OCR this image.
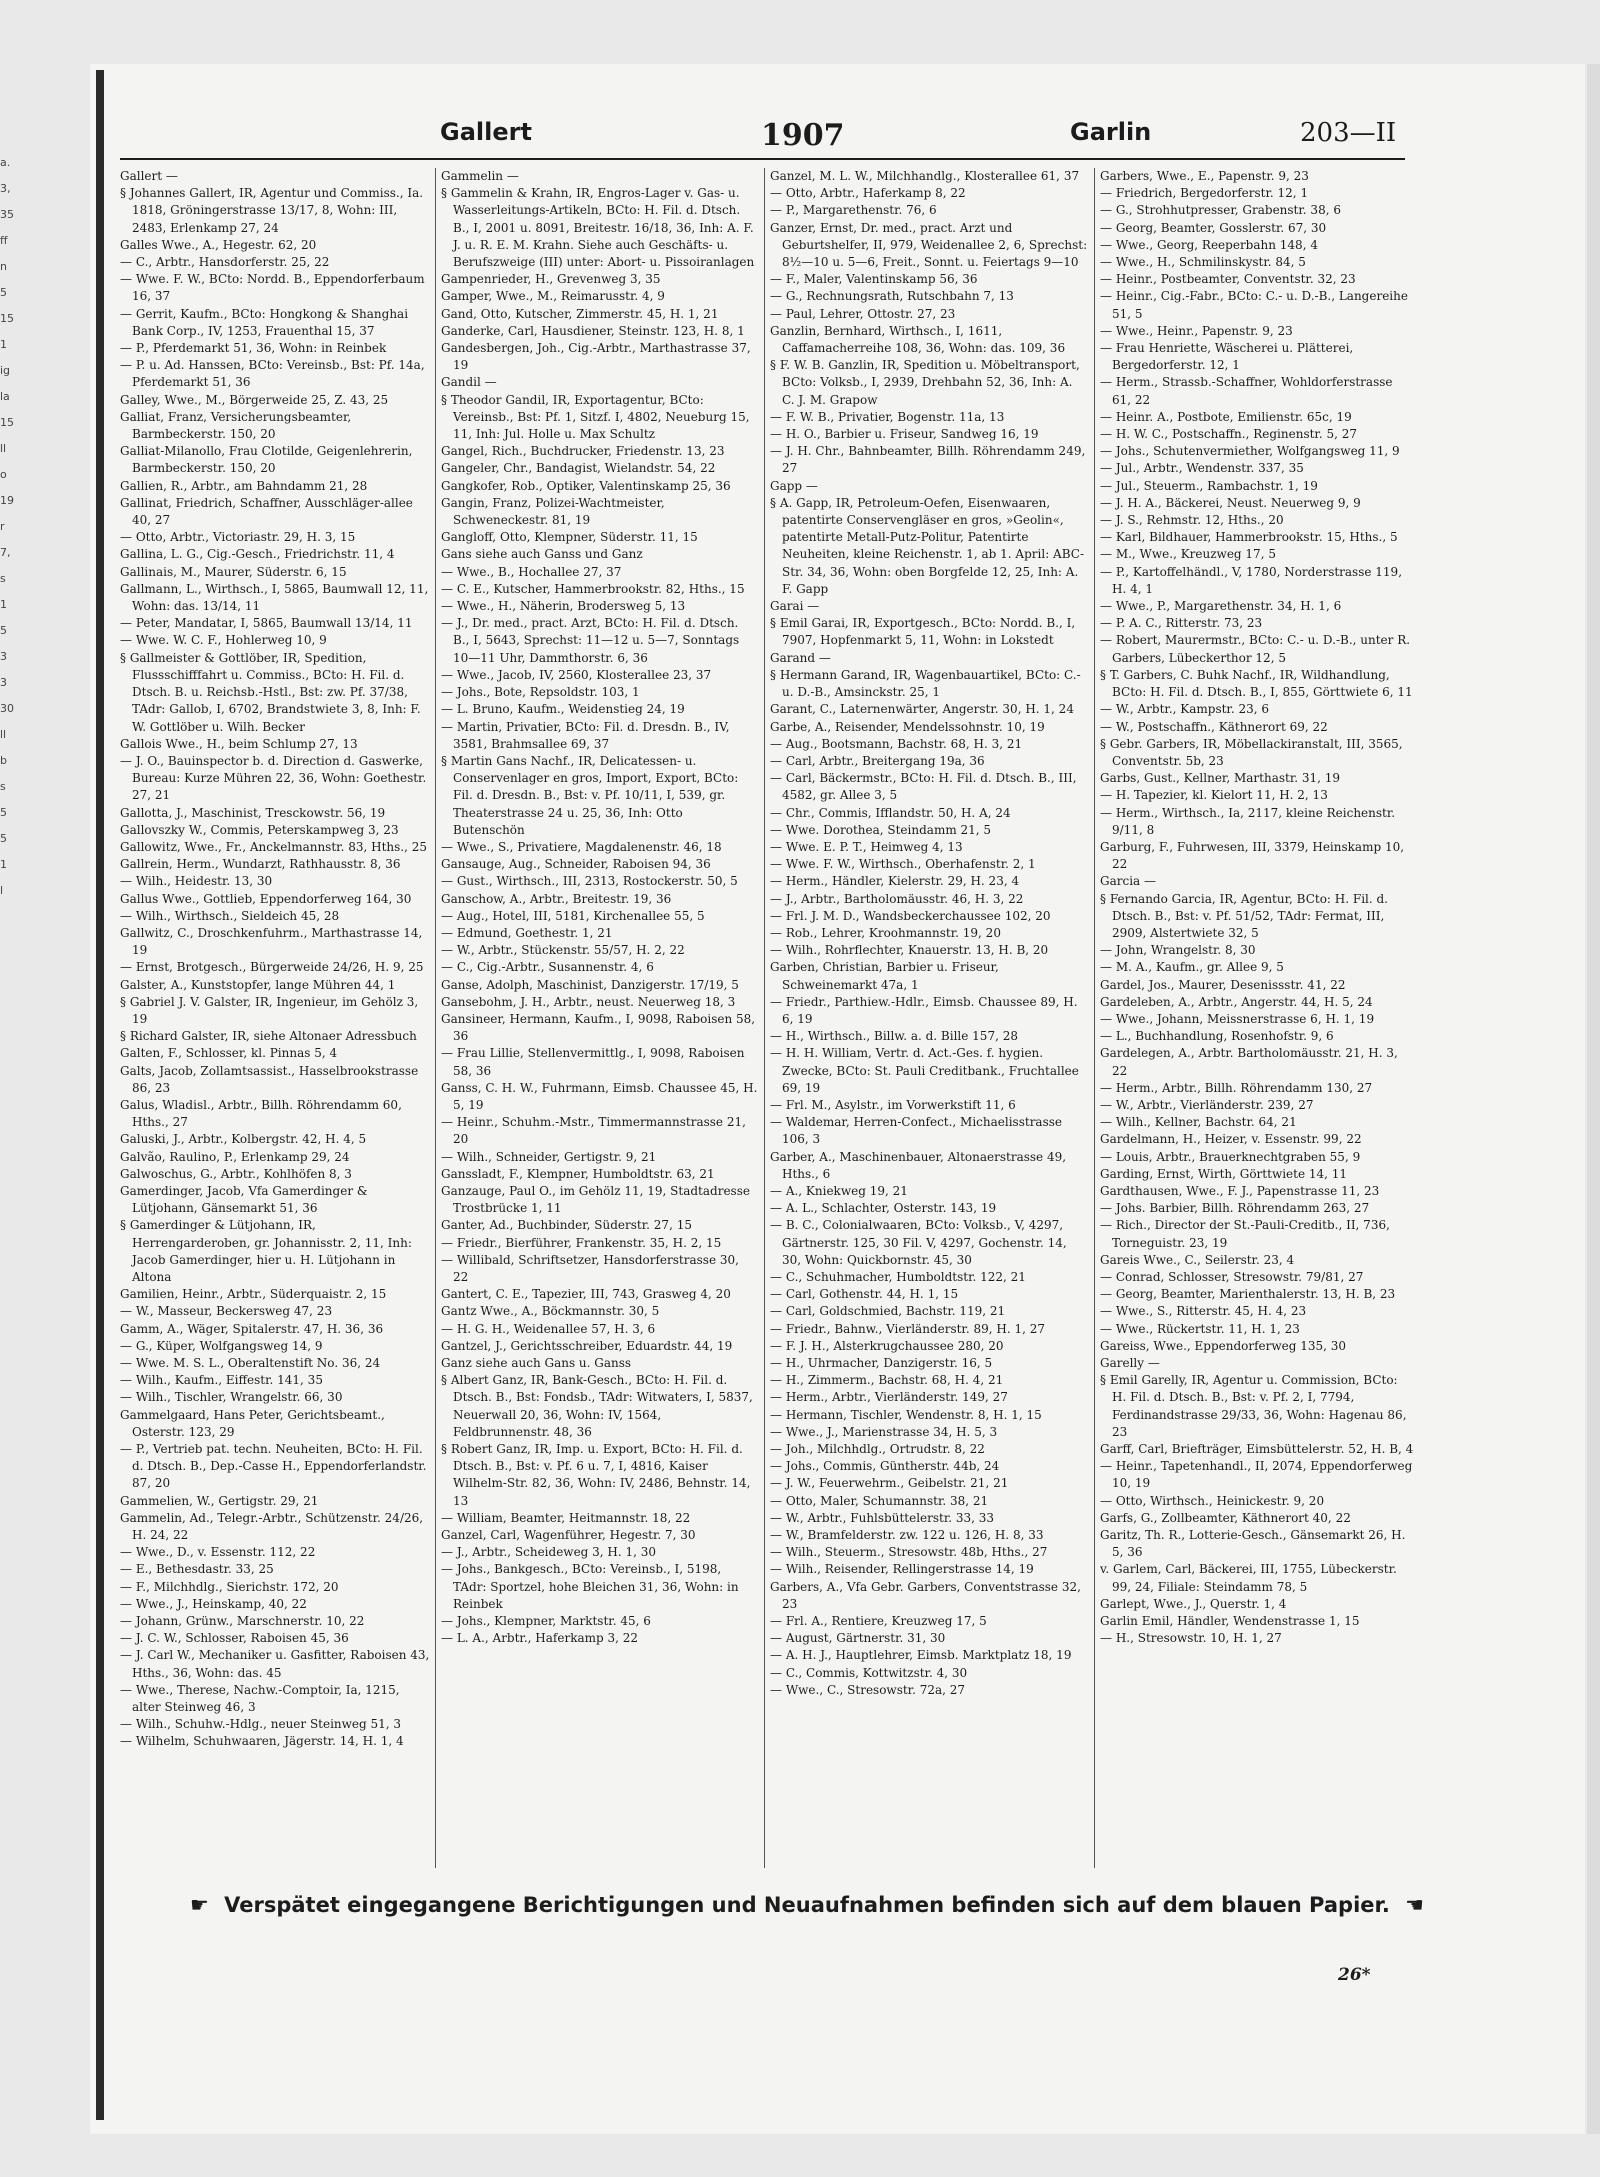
a.
3,
35
ff
n
5
15
1
ig
la
15
ll
o
19
r
7,
s
1
5
3
3
30
ll
b
s
5
5
1
l
Gallert	1907	Garlin	203—II

Gallert —

§ Johannes Gallert, IR, Agentur und Commiss., Ia. 1818, Gröningerstrasse 13/17, 8, Wohn: III, 2483, Erlenkamp 27, 24

Galles Wwe., A., Hegestr. 62, 20

— C., Arbtr., Hansdorferstr. 25, 22

— Wwe. F. W., BCto: Nordd. B., Eppendorferbaum 16, 37

— Gerrit, Kaufm., BCto: Hongkong & Shanghai Bank Corp., IV, 1253, Frauenthal 15, 37

— P., Pferdemarkt 51, 36, Wohn: in Reinbek

— P. u. Ad. Hanssen, BCto: Vereinsb., Bst: Pf. 14a, Pferdemarkt 51, 36

Galley, Wwe., M., Börgerweide 25, Z. 43, 25

Galliat, Franz, Versicherungsbeamter, Barmbeckerstr. 150, 20

Galliat-Milanollo, Frau Clotilde, Geigenlehrerin, Barmbeckerstr. 150, 20

Gallien, R., Arbtr., am Bahndamm 21, 28

Gallinat, Friedrich, Schaffner, Ausschläger-allee 40, 27

— Otto, Arbtr., Victoriastr. 29, H. 3, 15

Gallina, L. G., Cig.-Gesch., Friedrichstr. 11, 4

Gallinais, M., Maurer, Süderstr. 6, 15

Gallmann, L., Wirthsch., I, 5865, Baumwall 12, 11, Wohn: das. 13/14, 11

— Peter, Mandatar, I, 5865, Baumwall 13/14, 11

— Wwe. W. C. F., Hohlerweg 10, 9

§ Gallmeister & Gottlöber, IR, Spedition, Flussschifffahrt u. Commiss., BCto: H. Fil. d. Dtsch. B. u. Reichsb.-Hstl., Bst: zw. Pf. 37/38, TAdr: Gallob, I, 6702, Brandstwiete 3, 8, Inh: F. W. Gottlöber u. Wilh. Becker

Gallois Wwe., H., beim Schlump 27, 13

— J. O., Bauinspector b. d. Direction d. Gaswerke, Bureau: Kurze Mühren 22, 36, Wohn: Goethestr. 27, 21

Gallotta, J., Maschinist, Tresckowstr. 56, 19

Gallovszky W., Commis, Peterskampweg 3, 23

Gallowitz, Wwe., Fr., Anckelmannstr. 83, Hths., 25

Gallrein, Herm., Wundarzt, Rathhausstr. 8, 36

— Wilh., Heidestr. 13, 30

Gallus Wwe., Gottlieb, Eppendorferweg 164, 30

— Wilh., Wirthsch., Sieldeich 45, 28

Gallwitz, C., Droschkenfuhrm., Marthastrasse 14, 19

— Ernst, Brotgesch., Bürgerweide 24/26, H. 9, 25

Galster, A., Kunststopfer, lange Mühren 44, 1

§ Gabriel J. V. Galster, IR, Ingenieur, im Gehölz 3, 19

§ Richard Galster, IR, siehe Altonaer Adressbuch

Galten, F., Schlosser, kl. Pinnas 5, 4

Galts, Jacob, Zollamtsassist., Hasselbrookstrasse 86, 23

Galus, Wladisl., Arbtr., Billh. Röhrendamm 60, Hths., 27

Galuski, J., Arbtr., Kolbergstr. 42, H. 4, 5

Galvão, Raulino, P., Erlenkamp 29, 24

Galwoschus, G., Arbtr., Kohlhöfen 8, 3

Gamerdinger, Jacob, Vfa Gamerdinger & Lütjohann, Gänsemarkt 51, 36

§ Gamerdinger & Lütjohann, IR, Herrengarderoben, gr. Johannisstr. 2, 11, Inh: Jacob Gamerdinger, hier u. H. Lütjohann in Altona

Gamilien, Heinr., Arbtr., Süderquaistr. 2, 15

— W., Masseur, Beckersweg 47, 23

Gamm, A., Wäger, Spitalerstr. 47, H. 36, 36

— G., Küper, Wolfgangsweg 14, 9

— Wwe. M. S. L., Oberaltenstift No. 36, 24

— Wilh., Kaufm., Eiffestr. 141, 35

— Wilh., Tischler, Wrangelstr. 66, 30

Gammelgaard, Hans Peter, Gerichtsbeamt., Osterstr. 123, 29

— P., Vertrieb pat. techn. Neuheiten, BCto: H. Fil. d. Dtsch. B., Dep.-Casse H., Eppendorferlandstr. 87, 20

Gammelien, W., Gertigstr. 29, 21

Gammelin, Ad., Telegr.-Arbtr., Schützenstr. 24/26, H. 24, 22

— Wwe., D., v. Essenstr. 112, 22

— E., Bethesdastr. 33, 25

— F., Milchhdlg., Sierichstr. 172, 20

— Wwe., J., Heinskamp, 40, 22

— Johann, Grünw., Marschnerstr. 10, 22

— J. C. W., Schlosser, Raboisen 45, 36

— J. Carl W., Mechaniker u. Gasfitter, Raboisen 43, Hths., 36, Wohn: das. 45

— Wwe., Therese, Nachw.-Comptoir, Ia, 1215, alter Steinweg 46, 3

— Wilh., Schuhw.-Hdlg., neuer Steinweg 51, 3

— Wilhelm, Schuhwaaren, Jägerstr. 14, H. 1, 4

Gammelin —

§ Gammelin & Krahn, IR, Engros-Lager v. Gas- u. Wasserleitungs-Artikeln, BCto: H. Fil. d. Dtsch. B., I, 2001 u. 8091, Breitestr. 16/18, 36, Inh: A. F. J. u. R. E. M. Krahn. Siehe auch Geschäfts- u. Berufszweige (III) unter: Abort- u. Pissoiranlagen

Gampenrieder, H., Grevenweg 3, 35

Gamper, Wwe., M., Reimarusstr. 4, 9

Gand, Otto, Kutscher, Zimmerstr. 45, H. 1, 21

Ganderke, Carl, Hausdiener, Steinstr. 123, H. 8, 1

Gandesbergen, Joh., Cig.-Arbtr., Marthastrasse 37, 19

Gandil —

§ Theodor Gandil, IR, Exportagentur, BCto: Vereinsb., Bst: Pf. 1, Sitzf. I, 4802, Neueburg 15, 11, Inh: Jul. Holle u. Max Schultz

Gangel, Rich., Buchdrucker, Friedenstr. 13, 23

Gangeler, Chr., Bandagist, Wielandstr. 54, 22

Gangkofer, Rob., Optiker, Valentinskamp 25, 36

Gangin, Franz, Polizei-Wachtmeister, Schweneckestr. 81, 19

Gangloff, Otto, Klempner, Süderstr. 11, 15

Gans siehe auch Ganss und Ganz

— Wwe., B., Hochallee 27, 37

— C. E., Kutscher, Hammerbrookstr. 82, Hths., 15

— Wwe., H., Näherin, Brodersweg 5, 13

— J., Dr. med., pract. Arzt, BCto: H. Fil. d. Dtsch. B., I, 5643, Sprechst: 11—12 u. 5—7, Sonntags 10—11 Uhr, Dammthorstr. 6, 36

— Wwe., Jacob, IV, 2560, Klosterallee 23, 37

— Johs., Bote, Repsoldstr. 103, 1

— L. Bruno, Kaufm., Weidenstieg 24, 19

— Martin, Privatier, BCto: Fil. d. Dresdn. B., IV, 3581, Brahmsallee 69, 37

§ Martin Gans Nachf., IR, Delicatessen- u. Conservenlager en gros, Import, Export, BCto: Fil. d. Dresdn. B., Bst: v. Pf. 10/11, I, 539, gr. Theaterstrasse 24 u. 25, 36, Inh: Otto Butenschön

— Wwe., S., Privatiere, Magdalenenstr. 46, 18

Gansauge, Aug., Schneider, Raboisen 94, 36

— Gust., Wirthsch., III, 2313, Rostockerstr. 50, 5

Ganschow, A., Arbtr., Breitestr. 19, 36

— Aug., Hotel, III, 5181, Kirchenallee 55, 5

— Edmund, Goethestr. 1, 21

— W., Arbtr., Stückenstr. 55/57, H. 2, 22

— C., Cig.-Arbtr., Susannenstr. 4, 6

Ganse, Adolph, Maschinist, Danzigerstr. 17/19, 5

Gansebohm, J. H., Arbtr., neust. Neuerweg 18, 3

Gansineer, Hermann, Kaufm., I, 9098, Raboisen 58, 36

— Frau Lillie, Stellenvermittlg., I, 9098, Raboisen 58, 36

Ganss, C. H. W., Fuhrmann, Eimsb. Chaussee 45, H. 5, 19

— Heinr., Schuhm.-Mstr., Timmermannstrasse 21, 20

— Wilh., Schneider, Gertigstr. 9, 21

Ganssladt, F., Klempner, Humboldtstr. 63, 21

Ganzauge, Paul O., im Gehölz 11, 19, Stadtadresse Trostbrücke 1, 11

Ganter, Ad., Buchbinder, Süderstr. 27, 15

— Friedr., Bierführer, Frankenstr. 35, H. 2, 15

— Willibald, Schriftsetzer, Hansdorferstrasse 30, 22

Gantert, C. E., Tapezier, III, 743, Grasweg 4, 20

Gantz Wwe., A., Böckmannstr. 30, 5

— H. G. H., Weidenallee 57, H. 3, 6

Gantzel, J., Gerichtsschreiber, Eduardstr. 44, 19

Ganz siehe auch Gans u. Ganss

§ Albert Ganz, IR, Bank-Gesch., BCto: H. Fil. d. Dtsch. B., Bst: Fondsb., TAdr: Witwaters, I, 5837, Neuerwall 20, 36, Wohn: IV, 1564, Feldbrunnenstr. 48, 36

§ Robert Ganz, IR, Imp. u. Export, BCto: H. Fil. d. Dtsch. B., Bst: v. Pf. 6 u. 7, I, 4816, Kaiser Wilhelm-Str. 82, 36, Wohn: IV, 2486, Behnstr. 14, 13

— William, Beamter, Heitmannstr. 18, 22

Ganzel, Carl, Wagenführer, Hegestr. 7, 30

— J., Arbtr., Scheideweg 3, H. 1, 30

— Johs., Bankgesch., BCto: Vereinsb., I, 5198, TAdr: Sportzel, hohe Bleichen 31, 36, Wohn: in Reinbek

— Johs., Klempner, Marktstr. 45, 6

— L. A., Arbtr., Haferkamp 3, 22

Ganzel, M. L. W., Milchhandlg., Klosterallee 61, 37

— Otto, Arbtr., Haferkamp 8, 22

— P., Margarethenstr. 76, 6

Ganzer, Ernst, Dr. med., pract. Arzt und Geburtshelfer, II, 979, Weidenallee 2, 6, Sprechst: 8½—10 u. 5—6, Freit., Sonnt. u. Feiertags 9—10

— F., Maler, Valentinskamp 56, 36

— G., Rechnungsrath, Rutschbahn 7, 13

— Paul, Lehrer, Ottostr. 27, 23

Ganzlin, Bernhard, Wirthsch., I, 1611, Caffamacherreihe 108, 36, Wohn: das. 109, 36

§ F. W. B. Ganzlin, IR, Spedition u. Möbeltransport, BCto: Volksb., I, 2939, Drehbahn 52, 36, Inh: A. C. J. M. Grapow

— F. W. B., Privatier, Bogenstr. 11a, 13

— H. O., Barbier u. Friseur, Sandweg 16, 19

— J. H. Chr., Bahnbeamter, Billh. Röhrendamm 249, 27

Gapp —

§ A. Gapp, IR, Petroleum-Oefen, Eisenwaaren, patentirte Conservengläser en gros, »Geolin«, patentirte Metall-Putz-Politur, Patentirte Neuheiten, kleine Reichenstr. 1, ab 1. April: ABC-Str. 34, 36, Wohn: oben Borgfelde 12, 25, Inh: A. F. Gapp

Garai —

§ Emil Garai, IR, Exportgesch., BCto: Nordd. B., I, 7907, Hopfenmarkt 5, 11, Wohn: in Lokstedt

Garand —

§ Hermann Garand, IR, Wagenbauartikel, BCto: C.- u. D.-B., Amsinckstr. 25, 1

Garant, C., Laternenwärter, Angerstr. 30, H. 1, 24

Garbe, A., Reisender, Mendelssohnstr. 10, 19

— Aug., Bootsmann, Bachstr. 68, H. 3, 21

— Carl, Arbtr., Breitergang 19a, 36

— Carl, Bäckermstr., BCto: H. Fil. d. Dtsch. B., III, 4582, gr. Allee 3, 5

— Chr., Commis, Ifflandstr. 50, H. A, 24

— Wwe. Dorothea, Steindamm 21, 5

— Wwe. E. P. T., Heimweg 4, 13

— Wwe. F. W., Wirthsch., Oberhafenstr. 2, 1

— Herm., Händler, Kielerstr. 29, H. 23, 4

— J., Arbtr., Bartholomäusstr. 46, H. 3, 22

— Frl. J. M. D., Wandsbeckerchaussee 102, 20

— Rob., Lehrer, Kroohmannstr. 19, 20

— Wilh., Rohrflechter, Knauerstr. 13, H. B, 20

Garben, Christian, Barbier u. Friseur, Schweinemarkt 47a, 1

— Friedr., Parthiew.-Hdlr., Eimsb. Chaussee 89, H. 6, 19

— H., Wirthsch., Billw. a. d. Bille 157, 28

— H. H. William, Vertr. d. Act.-Ges. f. hygien. Zwecke, BCto: St. Pauli Creditbank., Fruchtallee 69, 19

— Frl. M., Asylstr., im Vorwerkstift 11, 6

— Waldemar, Herren-Confect., Michaelisstrasse 106, 3

Garber, A., Maschinenbauer, Altonaerstrasse 49, Hths., 6

— A., Kniekweg 19, 21

— A. L., Schlachter, Osterstr. 143, 19

— B. C., Colonialwaaren, BCto: Volksb., V, 4297, Gärtnerstr. 125, 30 Fil. V, 4297, Gochenstr. 14, 30, Wohn: Quickbornstr. 45, 30

— C., Schuhmacher, Humboldtstr. 122, 21

— Carl, Gothenstr. 44, H. 1, 15

— Carl, Goldschmied, Bachstr. 119, 21

— Friedr., Bahnw., Vierländerstr. 89, H. 1, 27

— F. J. H., Alsterkrugchaussee 280, 20

— H., Uhrmacher, Danzigerstr. 16, 5

— H., Zimmerm., Bachstr. 68, H. 4, 21

— Herm., Arbtr., Vierländerstr. 149, 27

— Hermann, Tischler, Wendenstr. 8, H. 1, 15

— Wwe., J., Marienstrasse 34, H. 5, 3

— Joh., Milchhdlg., Ortrudstr. 8, 22

— Johs., Commis, Güntherstr. 44b, 24

— J. W., Feuerwehrm., Geibelstr. 21, 21

— Otto, Maler, Schumannstr. 38, 21

— W., Arbtr., Fuhlsbüttelerstr. 33, 33

— W., Bramfelderstr. zw. 122 u. 126, H. 8, 33

— Wilh., Steuerm., Stresowstr. 48b, Hths., 27

— Wilh., Reisender, Rellingerstrasse 14, 19

Garbers, A., Vfa Gebr. Garbers, Conventstrasse 32, 23

— Frl. A., Rentiere, Kreuzweg 17, 5

— August, Gärtnerstr. 31, 30

— A. H. J., Hauptlehrer, Eimsb. Marktplatz 18, 19

— C., Commis, Kottwitzstr. 4, 30

— Wwe., C., Stresowstr. 72a, 27

Garbers, Wwe., E., Papenstr. 9, 23

— Friedrich, Bergedorferstr. 12, 1

— G., Strohhutpresser, Grabenstr. 38, 6

— Georg, Beamter, Gosslerstr. 67, 30

— Wwe., Georg, Reeperbahn 148, 4

— Wwe., H., Schmilinskystr. 84, 5

— Heinr., Postbeamter, Conventstr. 32, 23

— Heinr., Cig.-Fabr., BCto: C.- u. D.-B., Langereihe 51, 5

— Wwe., Heinr., Papenstr. 9, 23

— Frau Henriette, Wäscherei u. Plätterei, Bergedorferstr. 12, 1

— Herm., Strassb.-Schaffner, Wohldorferstrasse 61, 22

— Heinr. A., Postbote, Emilienstr. 65c, 19

— H. W. C., Postschaffn., Reginenstr. 5, 27

— Johs., Schutenvermiether, Wolfgangsweg 11, 9

— Jul., Arbtr., Wendenstr. 337, 35

— Jul., Steuerm., Rambachstr. 1, 19

— J. H. A., Bäckerei, Neust. Neuerweg 9, 9

— J. S., Rehmstr. 12, Hths., 20

— Karl, Bildhauer, Hammerbrookstr. 15, Hths., 5

— M., Wwe., Kreuzweg 17, 5

— P., Kartoffelhändl., V, 1780, Norderstrasse 119, H. 4, 1

— Wwe., P., Margarethenstr. 34, H. 1, 6

— P. A. C., Ritterstr. 73, 23

— Robert, Maurermstr., BCto: C.- u. D.-B., unter R. Garbers, Lübeckerthor 12, 5

§ T. Garbers, C. Buhk Nachf., IR, Wildhandlung, BCto: H. Fil. d. Dtsch. B., I, 855, Görttwiete 6, 11

— W., Arbtr., Kampstr. 23, 6

— W., Postschaffn., Käthnerort 69, 22

§ Gebr. Garbers, IR, Möbellackiranstalt, III, 3565, Conventstr. 5b, 23

Garbs, Gust., Kellner, Marthastr. 31, 19

— H. Tapezier, kl. Kielort 11, H. 2, 13

— Herm., Wirthsch., Ia, 2117, kleine Reichenstr. 9/11, 8

Garburg, F., Fuhrwesen, III, 3379, Heinskamp 10, 22

Garcia —

§ Fernando Garcia, IR, Agentur, BCto: H. Fil. d. Dtsch. B., Bst: v. Pf. 51/52, TAdr: Fermat, III, 2909, Alstertwiete 32, 5

— John, Wrangelstr. 8, 30

— M. A., Kaufm., gr. Allee 9, 5

Gardel, Jos., Maurer, Desenissstr. 41, 22

Gardeleben, A., Arbtr., Angerstr. 44, H. 5, 24

— Wwe., Johann, Meissnerstrasse 6, H. 1, 19

— L., Buchhandlung, Rosenhofstr. 9, 6

Gardelegen, A., Arbtr. Bartholomäusstr. 21, H. 3, 22

— Herm., Arbtr., Billh. Röhrendamm 130, 27

— W., Arbtr., Vierländerstr. 239, 27

— Wilh., Kellner, Bachstr. 64, 21

Gardelmann, H., Heizer, v. Essenstr. 99, 22

— Louis, Arbtr., Brauerknechtgraben 55, 9

Garding, Ernst, Wirth, Görttwiete 14, 11

Gardthausen, Wwe., F. J., Papenstrasse 11, 23

— Johs. Barbier, Billh. Röhrendamm 263, 27

— Rich., Director der St.-Pauli-Creditb., II, 736, Torneguistr. 23, 19

Gareis Wwe., C., Seilerstr. 23, 4

— Conrad, Schlosser, Stresowstr. 79/81, 27

— Georg, Beamter, Marienthalerstr. 13, H. B, 23

— Wwe., S., Ritterstr. 45, H. 4, 23

— Wwe., Rückertstr. 11, H. 1, 23

Gareiss, Wwe., Eppendorferweg 135, 30

Garelly —

§ Emil Garelly, IR, Agentur u. Commission, BCto: H. Fil. d. Dtsch. B., Bst: v. Pf. 2, I, 7794, Ferdinandstrasse 29/33, 36, Wohn: Hagenau 86, 23

Garff, Carl, Briefträger, Eimsbüttelerstr. 52, H. B, 4

— Heinr., Tapetenhandl., II, 2074, Eppendorferweg 10, 19

— Otto, Wirthsch., Heinickestr. 9, 20

Garfs, G., Zollbeamter, Käthnerort 40, 22

Garitz, Th. R., Lotterie-Gesch., Gänsemarkt 26, H. 5, 36

v. Garlem, Carl, Bäckerei, III, 1755, Lübeckerstr. 99, 24, Filiale: Steindamm 78, 5

Garlept, Wwe., J., Querstr. 1, 4

Garlin Emil, Händler, Wendenstrasse 1, 15

— H., Stresowstr. 10, H. 1, 27

☛ Verspätet eingegangene Berichtigungen und Neuaufnahmen befinden sich auf dem blauen Papier. ☚
26*
